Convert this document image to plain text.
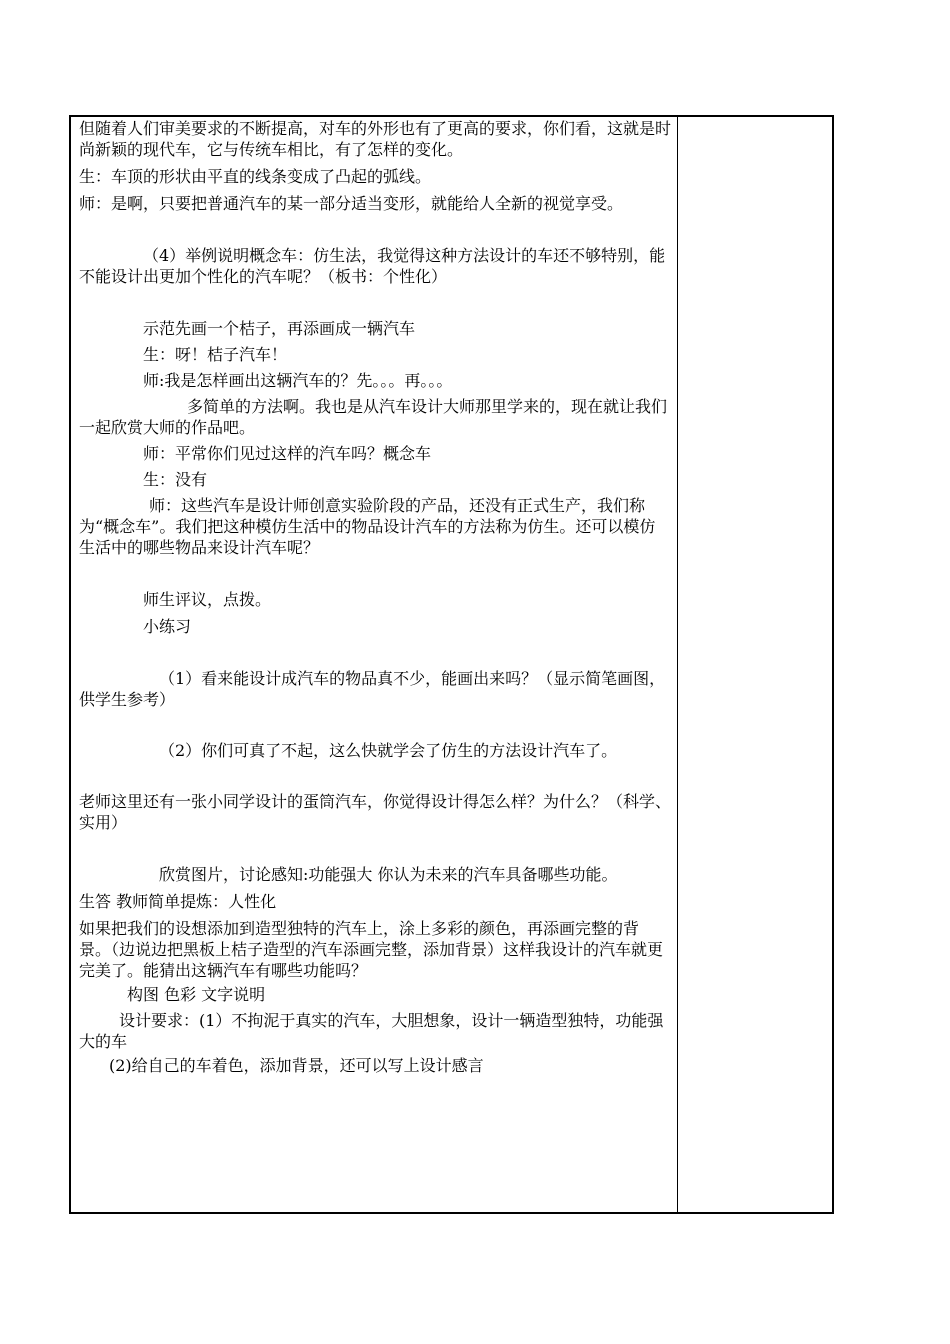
但随着人们审美要求的不断提高，对车的外形也有了更高的要求，你们看，这就是时尚新颖的现代车，它与传统车相比，有了怎样的变化。
生：车顶的形状由平直的线条变成了凸起的弧线。
师：是啊，只要把普通汽车的某一部分适当变形，就能给人全新的视觉享受。
（4）举例说明概念车：仿生法，我觉得这种方法设计的车还不够特别，能不能设计出更加个性化的汽车呢？（板书：个性化）
示范先画一个桔子，再添画成一辆汽车
生：呀！桔子汽车！
师:我是怎样画出这辆汽车的？先。。。再。。。
多简单的方法啊。我也是从汽车设计大师那里学来的，现在就让我们一起欣赏大师的作品吧。
师：平常你们见过这样的汽车吗？概念车
生：没有
师：这些汽车是设计师创意实验阶段的产品，还没有正式生产，我们称为“概念车”。我们把这种模仿生活中的物品设计汽车的方法称为仿生。还可以模仿生活中的哪些物品来设计汽车呢？
师生评议，点拨。
小练习
（1）看来能设计成汽车的物品真不少，能画出来吗？（显示简笔画图，供学生参考）
（2）你们可真了不起，这么快就学会了仿生的方法设计汽车了。
老师这里还有一张小同学设计的蛋筒汽车，你觉得设计得怎么样？为什么？（科学、实用）
欣赏图片，讨论感知:功能强大 你认为未来的汽车具备哪些功能。
生答 教师简单提炼：人性化
如果把我们的设想添加到造型独特的汽车上，涂上多彩的颜色，再添画完整的背景。（边说边把黑板上桔子造型的汽车添画完整，添加背景）这样我设计的汽车就更完美了。能猜出这辆汽车有哪些功能吗？
构图 色彩 文字说明
设计要求：(1）不拘泥于真实的汽车，大胆想象，设计一辆造型独特，功能强大的车
(2)给自己的车着色，添加背景，还可以写上设计感言
